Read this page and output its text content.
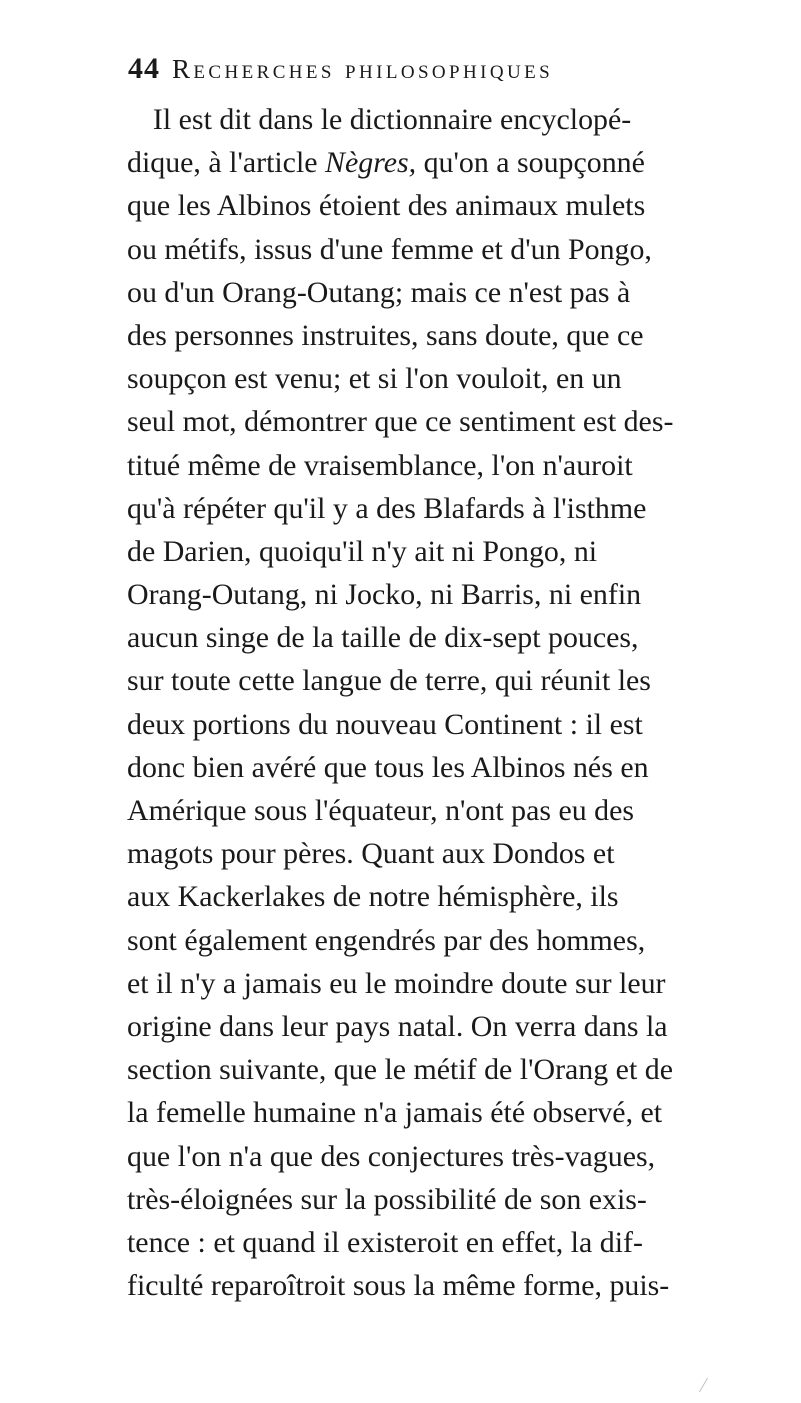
44 Recherches philosophiques
Il est dit dans le dictionnaire encyclopé-
dique, à l'article Nègres, qu'on a soupçonné
que les Albinos étoient des animaux mulets
ou métifs, issus d'une femme et d'un Pongo,
ou d'un Orang-Outang; mais ce n'est pas à
des personnes instruites, sans doute, que ce
soupçon est venu; et si l'on vouloit, en un
seul mot, démontrer que ce sentiment est des-
titué même de vraisemblance, l'on n'auroit
qu'à répéter qu'il y a des Blafards à l'isthme
de Darien, quoiqu'il n'y ait ni Pongo, ni
Orang-Outang, ni Jocko, ni Barris, ni enfin
aucun singe de la taille de dix-sept pouces,
sur toute cette langue de terre, qui réunit les
deux portions du nouveau Continent : il est
donc bien avéré que tous les Albinos nés en
Amérique sous l'équateur, n'ont pas eu des
magots pour pères. Quant aux Dondos et
aux Kackerlakes de notre hémisphère, ils
sont également engendrés par des hommes,
et il n'y a jamais eu le moindre doute sur leur
origine dans leur pays natal. On verra dans la
section suivante, que le métif de l'Orang et de
la femelle humaine n'a jamais été observé, et
que l'on n'a que des conjectures très-vagues,
très-éloignées sur la possibilité de son exis-
tence : et quand il existeroit en effet, la dif-
ficulté reparoîtroit sous la même forme, puis-
